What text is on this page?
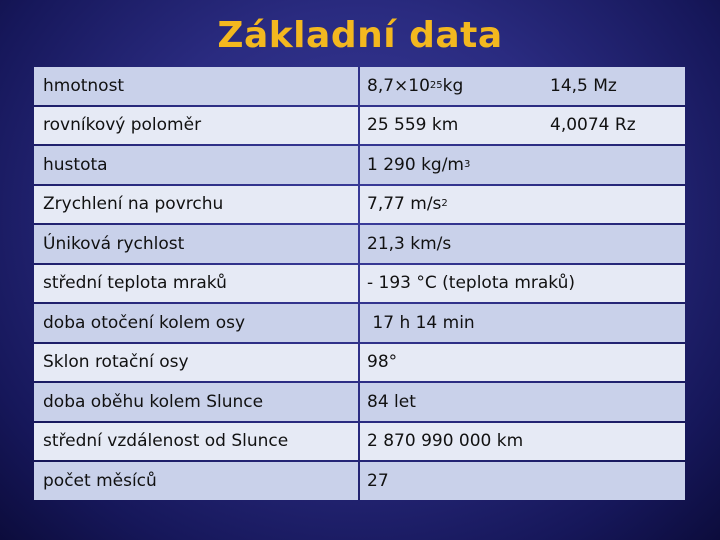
Základní data
hmotnost	8,7×10 25 kg	14,5 Mz
rovníkový poloměr	25 559 km	4,0074 Rz
hustota	1 290 kg/m 3
Zrychlení na povrchu	7,77 m/s 2
Úniková rychlost	21,3 km/s
střední teplota mraků	- 193 °C (teplota mraků)
doba otočení kolem osy	17 h 14 min
Sklon rotační osy	98°
doba oběhu kolem Slunce	84 let
střední vzdálenost od Slunce	2 870 990 000 km
počet měsíců	27
